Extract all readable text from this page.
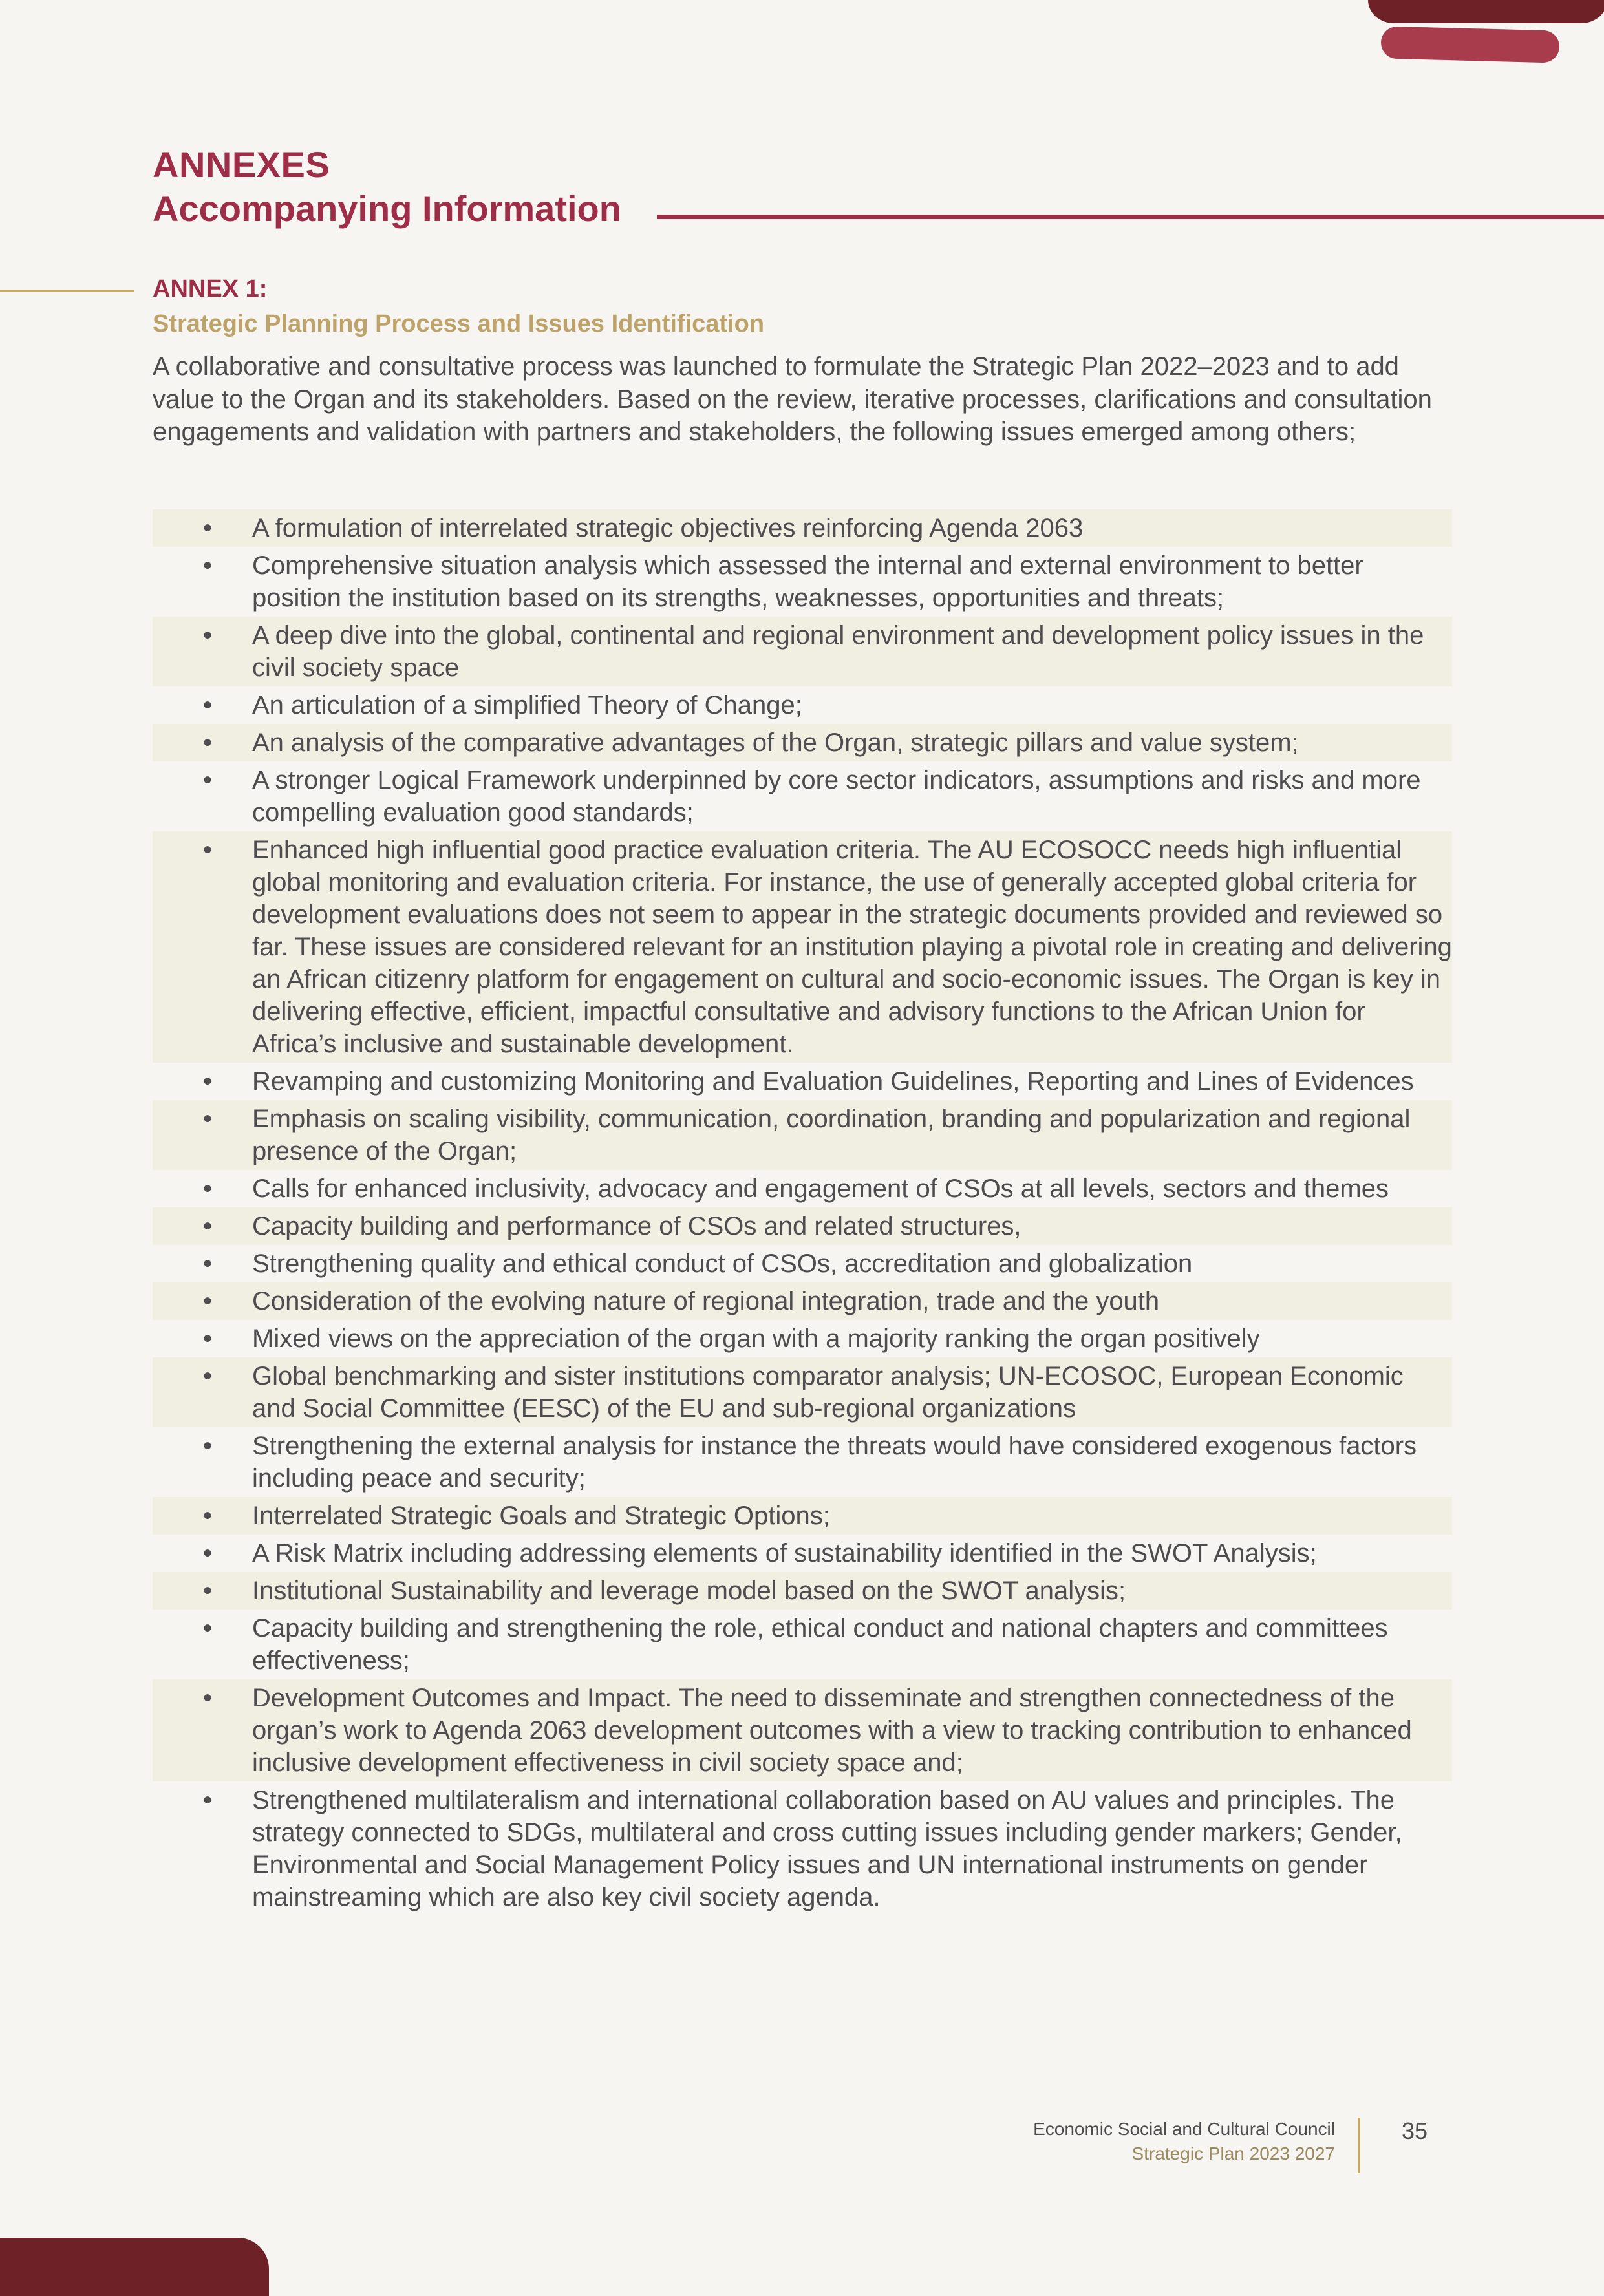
ANNEXES
Accompanying Information
ANNEX 1:
Strategic Planning Process and Issues Identification

A collaborative and consultative process was launched to formulate the Strategic Plan 2022–2023 and to add value to the Organ and its stakeholders. Based on the review, iterative processes, clarifications and consultation engagements and validation with partners and stakeholders, the following issues emerged among others;

• A formulation of interrelated strategic objectives reinforcing Agenda 2063
• Comprehensive situation analysis which assessed the internal and external environment to better position the institution based on its strengths, weaknesses, opportunities and threats;
• A deep dive into the global, continental and regional environment and development policy issues in the civil society space
• An articulation of a simplified Theory of Change;
• An analysis of the comparative advantages of the Organ, strategic pillars and value system;
• A stronger Logical Framework underpinned by core sector indicators, assumptions and risks and more compelling evaluation good standards;
• Enhanced high influential good practice evaluation criteria. The AU ECOSOCC needs high influential global monitoring and evaluation criteria. For instance, the use of generally accepted global criteria for development evaluations does not seem to appear in the strategic documents provided and reviewed so far. These issues are considered relevant for an institution playing a pivotal role in creating and delivering an African citizenry platform for engagement on cultural and socio-economic issues. The Organ is key in delivering effective, efficient, impactful consultative and advisory functions to the African Union for Africa’s inclusive and sustainable development.
• Revamping and customizing Monitoring and Evaluation Guidelines, Reporting and Lines of Evidences
• Emphasis on scaling visibility, communication, coordination, branding and popularization and regional presence of the Organ;
• Calls for enhanced inclusivity, advocacy and engagement of CSOs at all levels, sectors and themes
• Capacity building and performance of CSOs and related structures,
• Strengthening quality and ethical conduct of CSOs, accreditation and globalization
• Consideration of the evolving nature of regional integration, trade and the youth
• Mixed views on the appreciation of the organ with a majority ranking the organ positively
• Global benchmarking and sister institutions comparator analysis; UN-ECOSOC, European Economic and Social Committee (EESC) of the EU and sub-regional organizations
• Strengthening the external analysis for instance the threats would have considered exogenous factors including peace and security;
• Interrelated Strategic Goals and Strategic Options;
• A Risk Matrix including addressing elements of sustainability identified in the SWOT Analysis;
• Institutional Sustainability and leverage model based on the SWOT analysis;
• Capacity building and strengthening the role, ethical conduct and national chapters and committees effectiveness;
• Development Outcomes and Impact. The need to disseminate and strengthen connectedness of the organ’s work to Agenda 2063 development outcomes with a view to tracking contribution to enhanced inclusive development effectiveness in civil society space and;
• Strengthened multilateralism and international collaboration based on AU values and principles. The strategy connected to SDGs, multilateral and cross cutting issues including gender markers; Gender, Environmental and Social Management Policy issues and UN international instruments on gender mainstreaming which are also key civil society agenda.
Economic Social and Cultural Council
Strategic Plan 2023 2027
35
